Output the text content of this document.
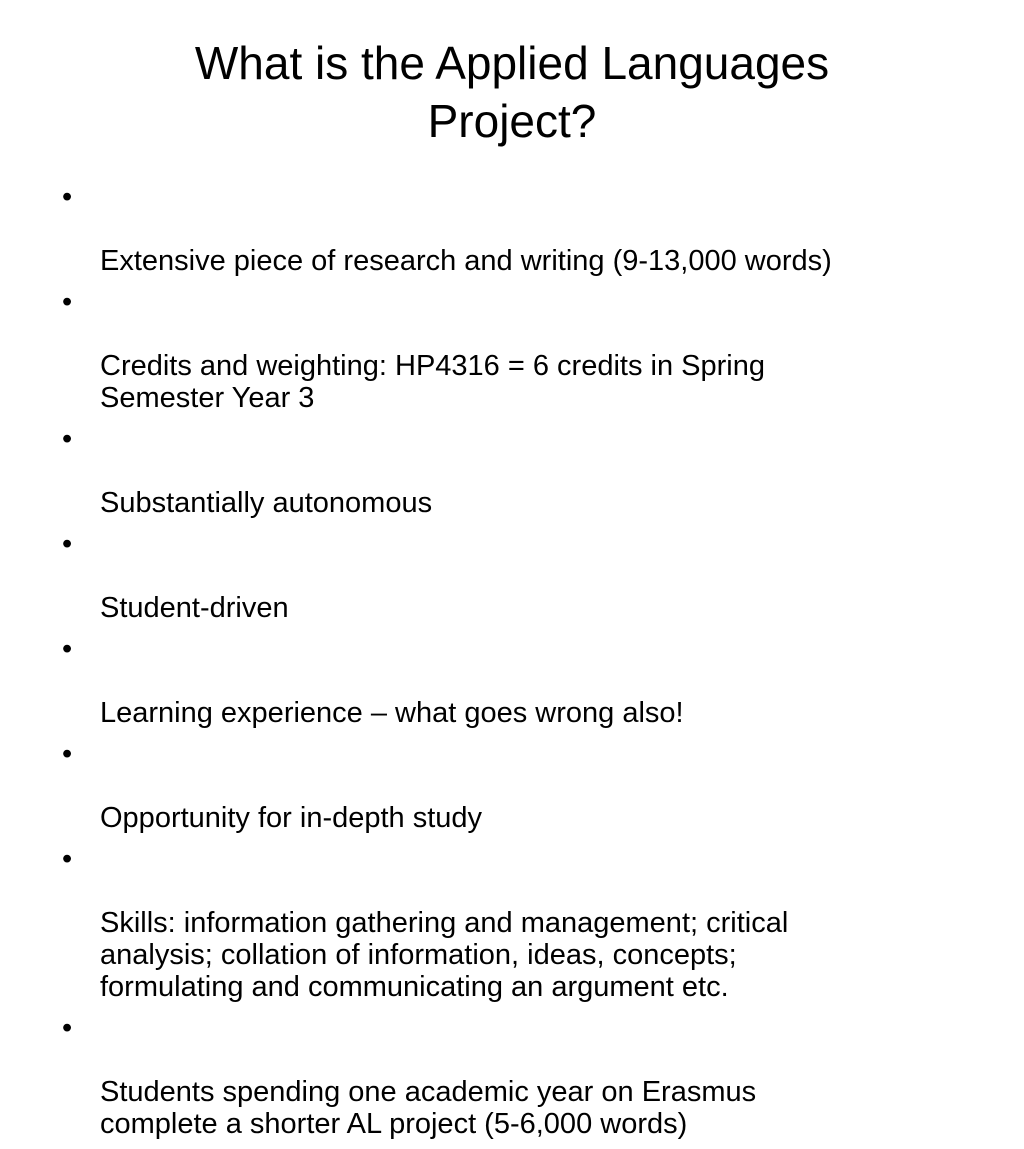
What is the Applied Languages
Project?

•

Extensive piece of research and writing (9-13,000 words)

•

Credits and weighting: HP4316 = 6 credits in Spring
Semester Year 3

•

Substantially autonomous

•

Student-driven

•

Learning experience – what goes wrong also!

•

Opportunity for in-depth study

•

Skills: information gathering and management; critical
analysis; collation of information, ideas, concepts;
formulating and communicating an argument etc.

•

Students spending one academic year on Erasmus
complete a shorter AL project (5-6,000 words)
